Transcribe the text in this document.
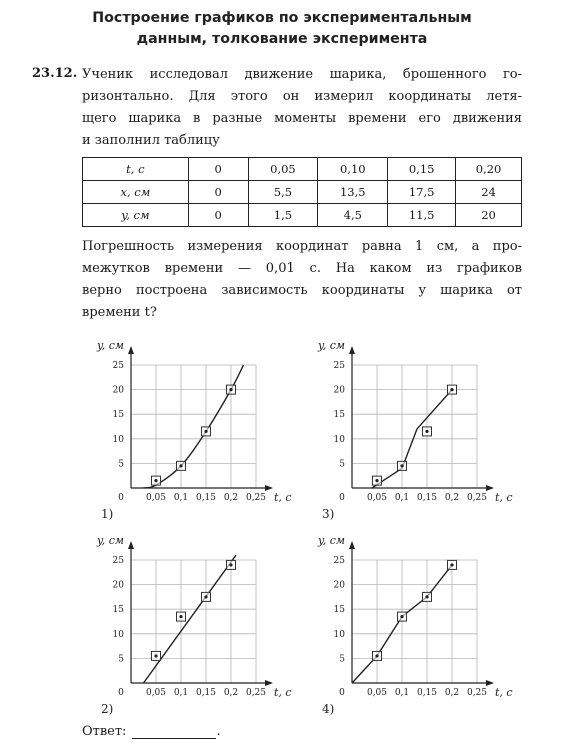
Построение графиков по экспериментальным
данным, толкование эксперимента
23.12. Ученик исследовал движение шарика, брошенного го-
ризонтально. Для этого он измерил координаты летя-
щего шарика в разные моменты времени его движения
и заполнил таблицу
t, с	0	0,05	0,10	0,15	0,20
x, см	0	5,5	13,5	17,5	24
y, см	0	1,5	4,5	11,5	20
Погрешность измерения координат равна 1 см, а про-
межутков времени — 0,01 с. На каком из графиков
верно построена зависимость координаты y шарика от
времени t?
0 0,05 0,1 0,15 0,2 0,25
5
10
15
20
25
y, см
t, с
1)
0 0,05 0,1 0,15 0,2 0,25
5
10
15
20
25
y, см
t, с
3)
0 0,05 0,1 0,15 0,2 0,25
5
10
15
20
25
y, см
t, с
2)
0 0,05 0,1 0,15 0,2 0,25
5
10
15
20
25
y, см
t, с
4)
Ответ:	.
